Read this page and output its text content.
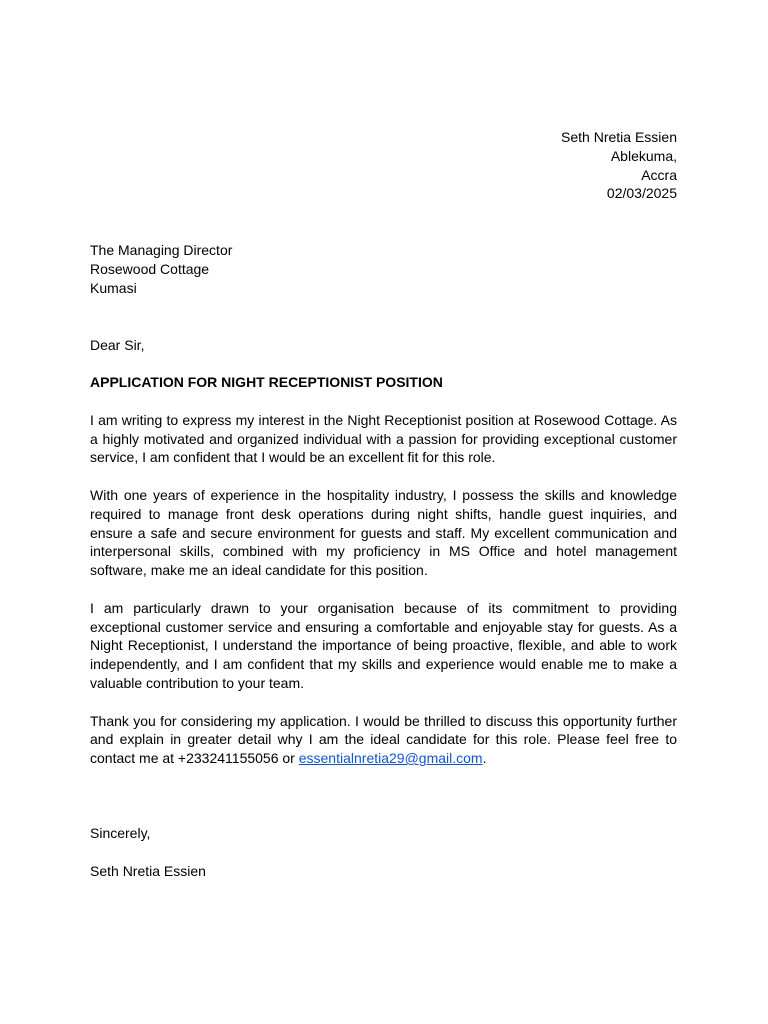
Seth Nretia Essien
Ablekuma,
Accra
02/03/2025
The Managing Director
Rosewood Cottage
Kumasi
Dear Sir,
APPLICATION FOR NIGHT RECEPTIONIST POSITION

I am writing to express my interest in the Night Receptionist position at Rosewood Cottage. As a highly motivated and organized individual with a passion for providing exceptional customer service, I am confident that I would be an excellent fit for this role.

With one years of experience in the hospitality industry, I possess the skills and knowledge required to manage front desk operations during night shifts, handle guest inquiries, and ensure a safe and secure environment for guests and staff. My excellent communication and interpersonal skills, combined with my proficiency in MS Office and hotel management software, make me an ideal candidate for this position.

I am particularly drawn to your organisation because of its commitment to providing exceptional customer service and ensuring a comfortable and enjoyable stay for guests. As a Night Receptionist, I understand the importance of being proactive, flexible, and able to work independently, and I am confident that my skills and experience would enable me to make a valuable contribution to your team.

Thank you for considering my application. I would be thrilled to discuss this opportunity further and explain in greater detail why I am the ideal candidate for this role. Please feel free to contact me at +233241155056 or essentialnretia29@gmail.com.

Sincerely,
Seth Nretia Essien
